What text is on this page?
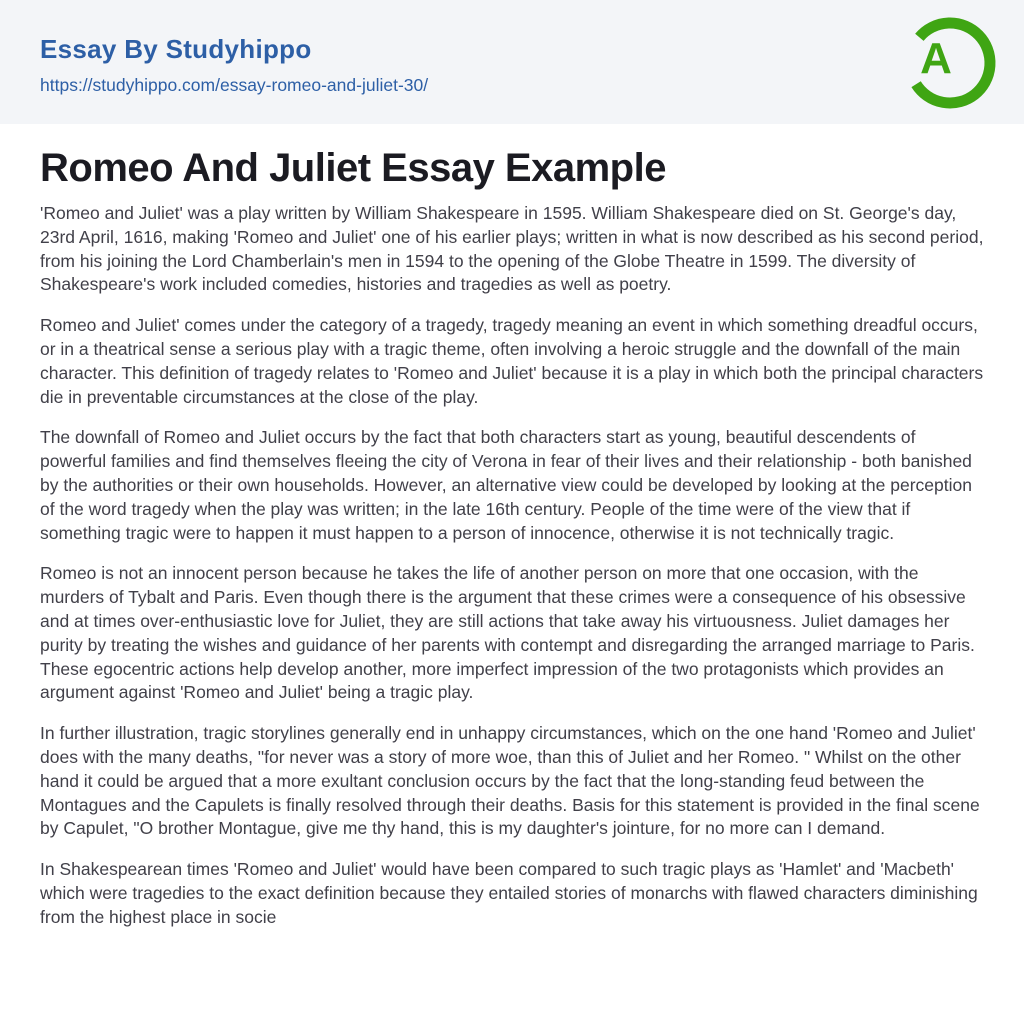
Essay By Studyhippo
https://studyhippo.com/essay-romeo-and-juliet-30/
A
Romeo And Juliet Essay Example

'Romeo and Juliet' was a play written by William Shakespeare in 1595. William Shakespeare died on St. George's day, 23rd April, 1616, making 'Romeo and Juliet' one of his earlier plays; written in what is now described as his second period, from his joining the Lord Chamberlain's men in 1594 to the opening of the Globe Theatre in 1599. The diversity of Shakespeare's work included comedies, histories and tragedies as well as poetry.

Romeo and Juliet' comes under the category of a tragedy, tragedy meaning an event in which something dreadful occurs, or in a theatrical sense a serious play with a tragic theme, often involving a heroic struggle and the downfall of the main character. This definition of tragedy relates to 'Romeo and Juliet' because it is a play in which both the principal characters die in preventable circumstances at the close of the play.

The downfall of Romeo and Juliet occurs by the fact that both characters start as young, beautiful descendents of powerful families and find themselves fleeing the city of Verona in fear of their lives and their relationship - both banished by the authorities or their own households. However, an alternative view could be developed by looking at the perception of the word tragedy when the play was written; in the late 16th century. People of the time were of the view that if something tragic were to happen it must happen to a person of innocence, otherwise it is not technically tragic.

Romeo is not an innocent person because he takes the life of another person on more that one occasion, with the murders of Tybalt and Paris. Even though there is the argument that these crimes were a consequence of his obsessive and at times over-enthusiastic love for Juliet, they are still actions that take away his virtuousness. Juliet damages her purity by treating the wishes and guidance of her parents with contempt and disregarding the arranged marriage to Paris. These egocentric actions help develop another, more imperfect impression of the two protagonists which provides an argument against 'Romeo and Juliet' being a tragic play.

In further illustration, tragic storylines generally end in unhappy circumstances, which on the one hand 'Romeo and Juliet' does with the many deaths, "for never was a story of more woe, than this of Juliet and her Romeo. " Whilst on the other hand it could be argued that a more exultant conclusion occurs by the fact that the long-standing feud between the Montagues and the Capulets is finally resolved through their deaths. Basis for this statement is provided in the final scene by Capulet, "O brother Montague, give me thy hand, this is my daughter's jointure, for no more can I demand.

In Shakespearean times 'Romeo and Juliet' would have been compared to such tragic plays as 'Hamlet' and 'Macbeth' which were tragedies to the exact definition because they entailed stories of monarchs with flawed characters diminishing from the highest place in socie
